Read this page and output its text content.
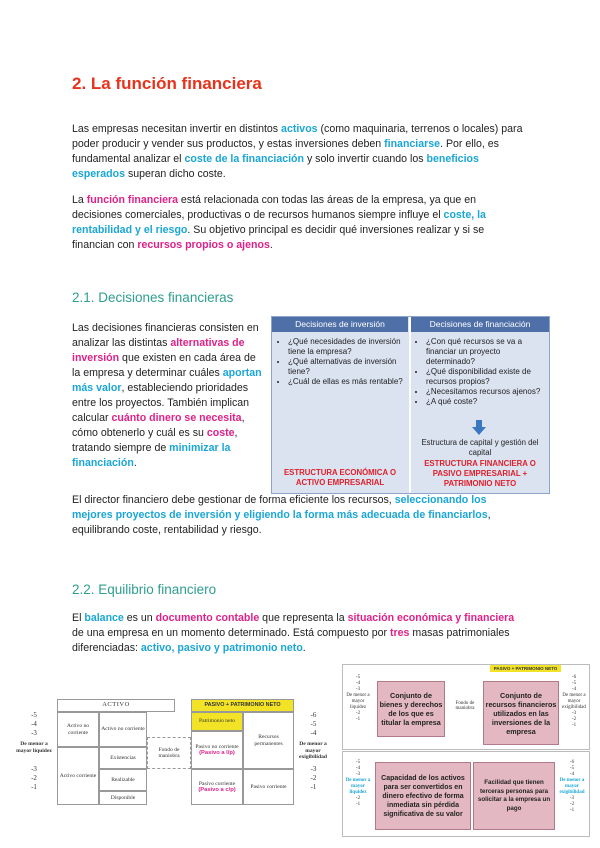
2. La función financiera

Las empresas necesitan invertir en distintos activos (como maquinaria, terrenos o locales) para poder producir y vender sus productos, y estas inversiones deben financiarse. Por ello, es fundamental analizar el coste de la financiación y solo invertir cuando los beneficios esperados superan dicho coste.

La función financiera está relacionada con todas las áreas de la empresa, ya que en decisiones comerciales, productivas o de recursos humanos siempre influye el coste, la rentabilidad y el riesgo. Su objetivo principal es decidir qué inversiones realizar y si se financian con recursos propios o ajenos.

2.1. Decisiones financieras

Las decisiones financieras consisten en analizar las distintas alternativas de inversión que existen en cada área de la empresa y determinar cuáles aportan más valor, estableciendo prioridades entre los proyectos. También implican calcular cuánto dinero se necesita, cómo obtenerlo y cuál es su coste, tratando siempre de minimizar la financiación.

Decisiones de inversión	Decisiones de financiación
• ¿Qué necesidades de inversión tiene la empresa?
• ¿Qué alternativas de inversión tiene?
• ¿Cuál de ellas es más rentable?
• ¿Con qué recursos se va a financiar un proyecto determinado?
• ¿Qué disponibilidad existe de recursos propios?
• ¿Necesitamos recursos ajenos?
• ¿A qué coste?
Estructura de capital y gestión del capital
ESTRUCTURA ECONÓMICA O ACTIVO EMPRESARIAL
ESTRUCTURA FINANCIERA O PASIVO EMPRESARIAL + PATRIMONIO NETO

El director financiero debe gestionar de forma eficiente los recursos, seleccionando los mejores proyectos de inversión y eligiendo la forma más adecuada de financiarlos, equilibrando coste, rentabilidad y riesgo.

2.2. Equilibrio financiero

El balance es un documento contable que representa la situación económica y financiera de una empresa en un momento determinado. Está compuesto por tres masas patrimoniales diferenciadas: activo, pasivo y patrimonio neto.

ACTIVO	PASIVO + PATRIMONIO NETO
-5
-4
-3
De menor a mayor liquidez
-3
-2
-1
Activo no corriente
Activo corriente
Activo no corriente
Existencias
Realizable
Disponible
Fondo de maniobra
Patrimonio neto
Pasivo no corriente
(Pasivo a l/p)
Recursos permanentes
Pasivo corriente
(Pasivo a c/p)
Pasivo corriente
-6
-5
-4
De menor a mayor exigibilidad
-3
-2
-1
PASIVO + PATRIMONIO NETO
-5
-4
-3
De menor a mayor liquidez
-2
-1
Conjunto de bienes y derechos de los que es titular la empresa
Fondo de maniobra
Conjunto de recursos financieros utilizados en las inversiones de la empresa
-6
-5
-4
De menor a mayor exigibilidad
-3
-2
-1
-5
-4
-3
De menor a mayor liquidez
-2
-1
Capacidad de los activos para ser convertidos en dinero efectivo de forma inmediata sin pérdida significativa de su valor
Facilidad que tienen terceras personas para solicitar a la empresa un pago
-6
-5
-4
De menor a mayor exigibilidad
-3
-2
-1
